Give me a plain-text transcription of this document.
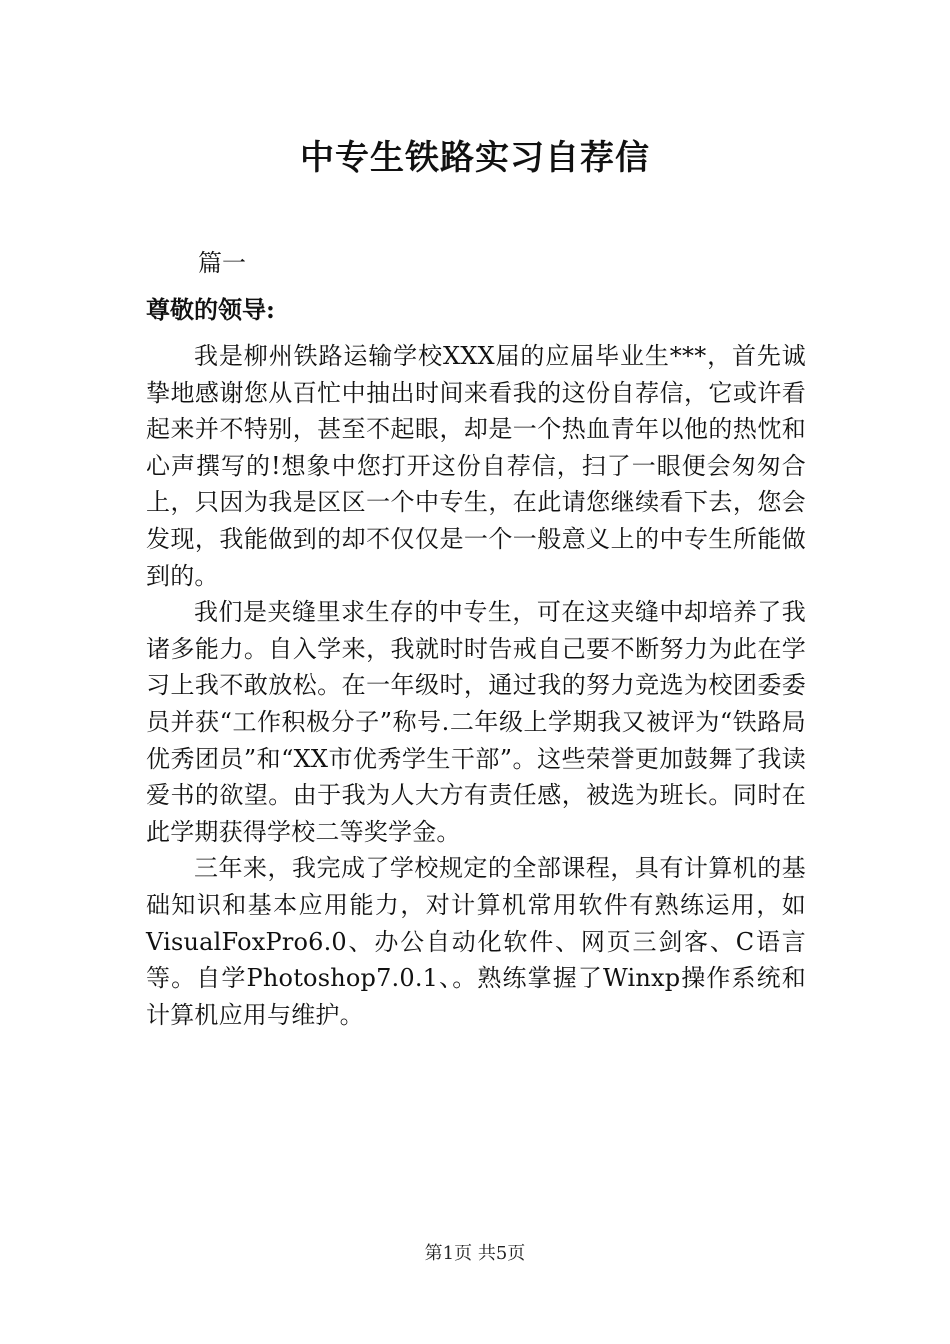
中专生铁路实习自荐信
篇一
尊敬的领导:

我是柳州铁路运输学校XXX届的应届毕业生***，首先诚挚地感谢您从百忙中抽出时间来看我的这份自荐信，它或许看起来并不特别，甚至不起眼，却是一个热血青年以他的热忱和心声撰写的!想象中您打开这份自荐信，扫了一眼便会匆匆合上，只因为我是区区一个中专生，在此请您继续看下去，您会发现，我能做到的却不仅仅是一个一般意义上的中专生所能做到的。

我们是夹缝里求生存的中专生，可在这夹缝中却培养了我诸多能力。自入学来，我就时时告戒自己要不断努力为此在学习上我不敢放松。在一年级时，通过我的努力竞选为校团委委员并获“工作积极分子”称号.二年级上学期我又被评为“铁路局优秀团员”和“XX市优秀学生干部”。这些荣誉更加鼓舞了我读爱书的欲望。由于我为人大方有责任感，被选为班长。同时在此学期获得学校二等奖学金。

三年来，我完成了学校规定的全部课程，具有计算机的基础知识和基本应用能力，对计算机常用软件有熟练运用，如VisualFoxPro6.0、办公自动化软件、网页三剑客、C语言等。自学Photoshop7.0.1、。熟练掌握了Winxp操作系统和计算机应用与维护。

第1页 共5页
